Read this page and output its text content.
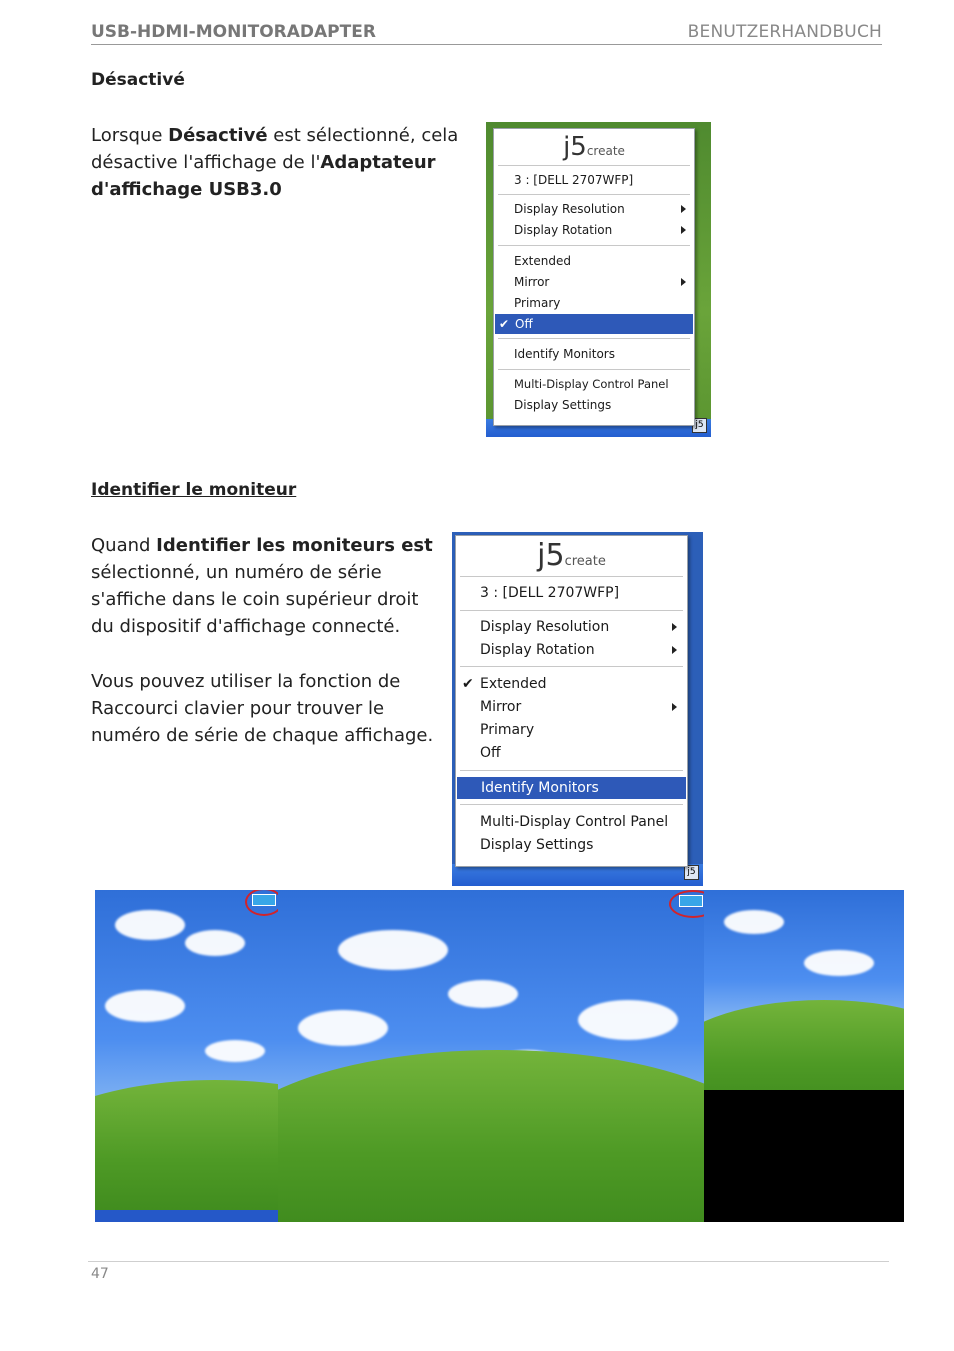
USB-HDMI-MONITORADAPTER	BENUTZERHANDBUCH
Désactivé
Lorsque Désactivé est sélectionné, cela désactive l'affichage de l'Adaptateur d'affichage USB3.0
j5
j5create
3 : [DELL 2707WFP]
Display Resolution
Display Rotation
Extended
Mirror
Primary
✔ Off
Identify Monitors
Multi-Display Control Panel
Display Settings
Identifier le moniteur
Quand Identifier les moniteurs est sélectionné, un numéro de série s'affiche dans le coin supérieur droit du dispositif d'affichage connecté.
Vous pouvez utiliser la fonction de Raccourci clavier pour trouver le numéro de série de chaque affichage.
j5
j5create
3 : [DELL 2707WFP]
Display Resolution
Display Rotation
✔ Extended
Mirror
Primary
Off
Identify Monitors
Multi-Display Control Panel
Display Settings
47
